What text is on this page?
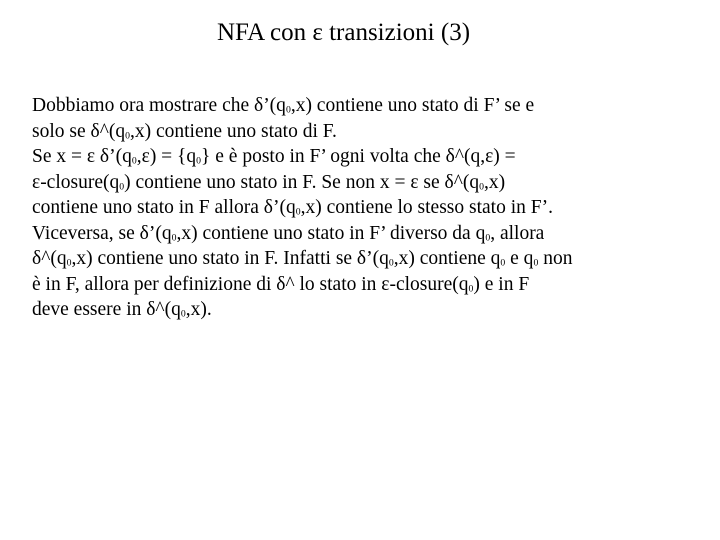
NFA con ε transizioni (3)
Dobbiamo ora mostrare che $\delta’(q_0,x)$ contiene uno stato di F’ se e
solo se $\delta\^{}(q_0,x)$ contiene uno stato di F.
Se x = ε $\delta’(q_0,\varepsilon) = \{q_0\}$ e è posto in F’ ogni volta che δ^(q,ε) =
$\varepsilon-closure(q_0)$ contiene uno stato in F. Se non x = ε se $\delta\^{}(q_0,x)$
contiene uno stato in F allora $\delta’(q_0,x)$ contiene lo stesso stato in F’.
Viceversa, se $\delta’(q_0,x)$ contiene uno stato in F’ diverso da $q_0$, allora
$\delta\^{}(q_0,x)$ contiene uno stato in F. Infatti se $\delta’(q_0,x)$ contiene $q_0$ e $q_0$ non
è in F, allora per definizione di δ^ lo stato in $\varepsilon-closure(q_0)$ e in F
deve essere in $\delta\^{}(q_0,x)$.
